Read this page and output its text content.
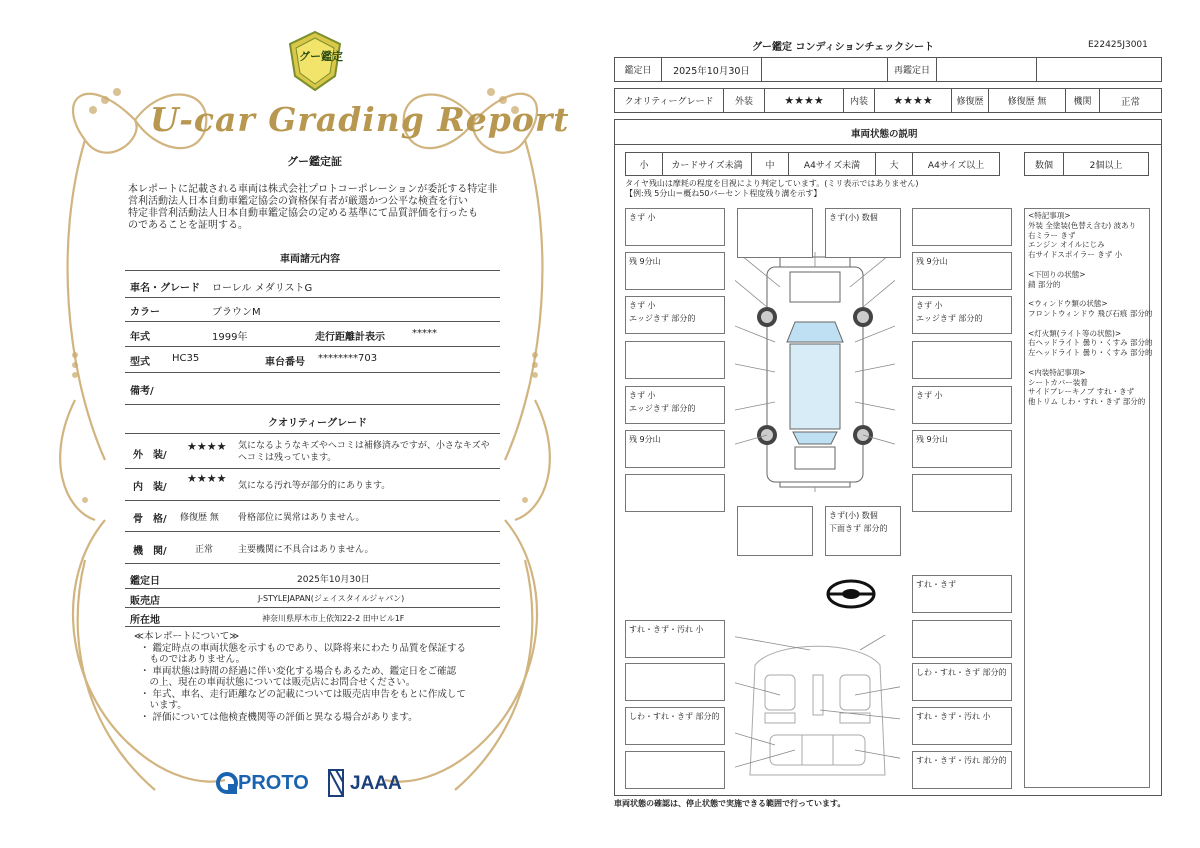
グー鑑定
U-car Grading Report
グー鑑定証
本レポートに記載される車両は株式会社プロトコーポレーションが委託する特定非
営利活動法人日本自動車鑑定協会の資格保有者が厳選かつ公平な検査を行い
特定非営利活動法人日本自動車鑑定協会の定める基準にて品質評価を行ったも
のであることを証明する。
車両諸元内容
車名・グレード ローレル メダリストG
カラー	ブラウンM
年式	1999年	走行距離計表示	*****
型式 HC35	車台番号 ********703
備考/
クオリティーグレード
外　装/
★★★★ 気になるようなキズやヘコミは補修済みですが、小さなキズや
ヘコミは残っています。
内　装/
★★★★
気になる汚れ等が部分的にあります。
骨　格/ 修復歴 無 骨格部位に異常はありません。
機　関/	正常	主要機関に不具合はありません。
鑑定日	2025年10月30日
販売店	J-STYLEJAPAN(ジェイスタイルジャパン)
所在地	神奈川県厚木市上依知22-2 田中ビル1F
≪本レポートについて≫
・ 鑑定時点の車両状態を示すものであり、以降将来にわたり品質を保証する
　ものではありません。
・ 車両状態は時間の経過に伴い変化する場合もあるため、鑑定日をご確認
　の上、現在の車両状態については販売店にお問合せください。
・ 年式、車名、走行距離などの記載については販売店申告をもとに作成して
　います。
・ 評価については他検査機関等の評価と異なる場合があります。
PROTO JAAA
グー鑑定 コンディションチェックシート	E22425J3001
鑑定日 2025年10月30日	再鑑定日
クオリティーグレード 外装	★★★★	内装 ★★★★	修復歴	修復歴 無	機関	正常
車両状態の説明
小	カードサイズ未満	中	A4サイズ未満	大	A4サイズ以上	数個	2個以上
タイヤ残山は摩耗の程度を目視により判定しています。(ミリ表示ではありません)
【例:残 5分山＝概ね50パーセント程度残り溝を示す】
きず 小
残 9分山
きず 小
エッジきず 部分的
きず 小
エッジきず 部分的
残 9分山
きず(小) 数個
きず(小) 数個
下面きず 部分的
残 9分山
きず 小
エッジきず 部分的
きず 小
残 9分山
<特記事項>
外装 全塗装(色替え含む) 波あり
右ミラー きず
エンジン オイルにじみ
右サイドスポイラー きず 小
<下回りの状態>
錆 部分的
<ウィンドウ類の状態>
フロントウィンドウ 飛び石痕 部分的
<灯火類(ライト等の状態)>
右ヘッドライト 曇り・くすみ 部分的
左ヘッドライト 曇り・くすみ 部分的
<内装特記事項>
シートカバー装着
サイドブレーキノブ すれ・きず
他トリム しわ・すれ・きず 部分的
すれ・きず・汚れ 小
しわ・すれ・きず 部分的
すれ・きず
しわ・すれ・きず 部分的
すれ・きず・汚れ 小
すれ・きず・汚れ 部分的
車両状態の確認は、停止状態で実施できる範囲で行っています。
